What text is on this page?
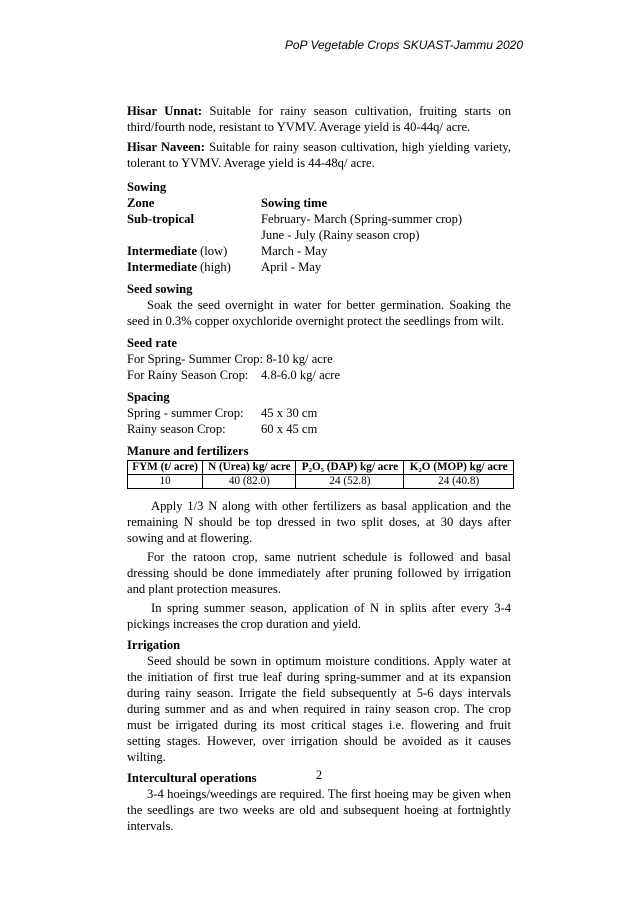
PoP Vegetable Crops SKUAST-Jammu 2020

Hisar Unnat: Suitable for rainy season cultivation, fruiting starts on third/fourth node, resistant to YVMV. Average yield is 40-44q/ acre.

Hisar Naveen: Suitable for rainy season cultivation, high yielding variety, tolerant to YVMV. Average yield is 44-48q/ acre.

Sowing

Zone	Sowing time
Sub-tropical	February- March (Spring-summer crop)
June - July (Rainy season crop)
Intermediate (low)	March - May
Intermediate (high)	April - May

Seed sowing

Soak the seed overnight in water for better germination. Soaking the seed in 0.3% copper oxychloride overnight protect the seedlings from wilt.

Seed rate

For Spring- Summer Crop: 8-10 kg/ acre
For Rainy Season Crop:	4.8-6.0 kg/ acre

Spacing

Spring - summer Crop:	45 x 30 cm
Rainy season Crop:	60 x 45 cm

Manure and fertilizers

FYM (t/ acre)	N (Urea) kg/ acre	P₂O₅ (DAP) kg/ acre	K₂O (MOP) kg/ acre
10	40 (82.0)	24 (52.8)	24 (40.8)

Apply 1/3 N along with other fertilizers as basal application and the remaining N should be top dressed in two split doses, at 30 days after sowing and at flowering.

For the ratoon crop, same nutrient schedule is followed and basal dressing should be done immediately after pruning followed by irrigation and plant protection measures.

In spring summer season, application of N in splits after every 3-4 pickings increases the crop duration and yield.

Irrigation

Seed should be sown in optimum moisture conditions. Apply water at the initiation of first true leaf during spring-summer and at its expansion during rainy season. Irrigate the field subsequently at 5-6 days intervals during summer and as and when required in rainy season crop. The crop must be irrigated during its most critical stages i.e. flowering and fruit setting stages. However, over irrigation should be avoided as it causes wilting.

Intercultural operations

3-4 hoeings/weedings are required. The first hoeing may be given when the seedlings are two weeks are old and subsequent hoeing at fortnightly intervals.

2
